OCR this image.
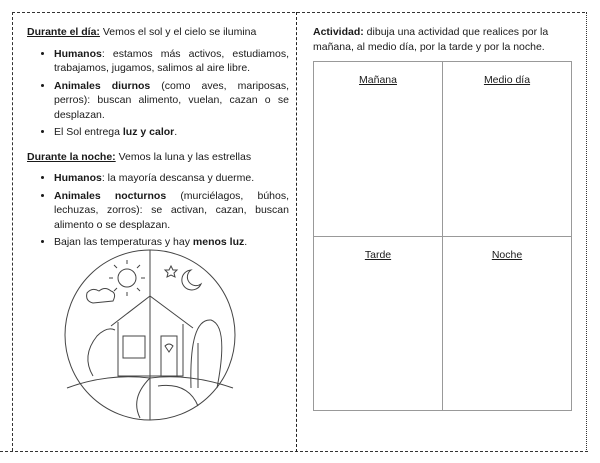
Durante el día: Vemos el sol y el cielo se ilumina

• Humanos: estamos más activos, estudiamos, trabajamos, jugamos, salimos al aire libre.
• Animales diurnos (como aves, mariposas, perros): buscan alimento, vuelan, cazan o se desplazan.
• El Sol entrega luz y calor.

Durante la noche: Vemos la luna y las estrellas

• Humanos: la mayoría descansa y duerme.
• Animales nocturnos (murciélagos, búhos, lechuzas, zorros): se activan, cazan, buscan alimento o se desplazan.
• Bajan las temperaturas y hay menos luz.

Actividad: dibuja una actividad que realices por la mañana, al medio día, por la tarde y por la noche.

Mañana	Medio día
Tarde	Noche
